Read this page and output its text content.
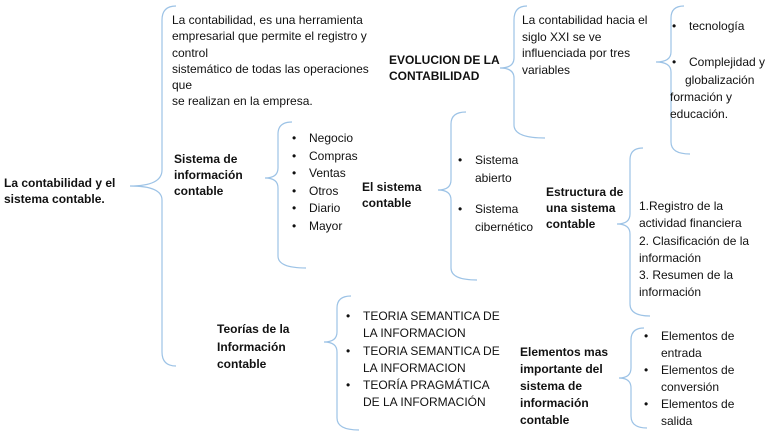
La contabilidad y el
sistema contable.
La contabilidad, es una herramienta
empresarial que permite el registro y
control
sistemático de todas las operaciones
que
se realizan en la empresa.
EVOLUCION DE LA
CONTABILIDAD
La contabilidad hacia el
siglo XXI se ve
influenciada por tres
variables
• tecnología
• Complejidad y
globalización
formación y
educación.
Sistema de
información
contable
• Negocio
• Compras
• Ventas
• Otros
• Diario
• Mayor
El sistema
contable
• Sistema
abierto
• Sistema
cibernético
Estructura de
una sistema
contable
1.Registro de la
actividad financiera
2. Clasificación de la
información
3. Resumen de la
información
Teorías de la
Información
contable
• TEORIA SEMANTICA DE
LA INFORMACION
• TEORIA SEMANTICA DE
LA INFORMACION
• TEORÍA PRAGMÁTICA
DE LA INFORMACIÓN
Elementos mas
importante del
sistema de
información
contable
• Elementos de
entrada
• Elementos de
conversión
• Elementos de
salida
